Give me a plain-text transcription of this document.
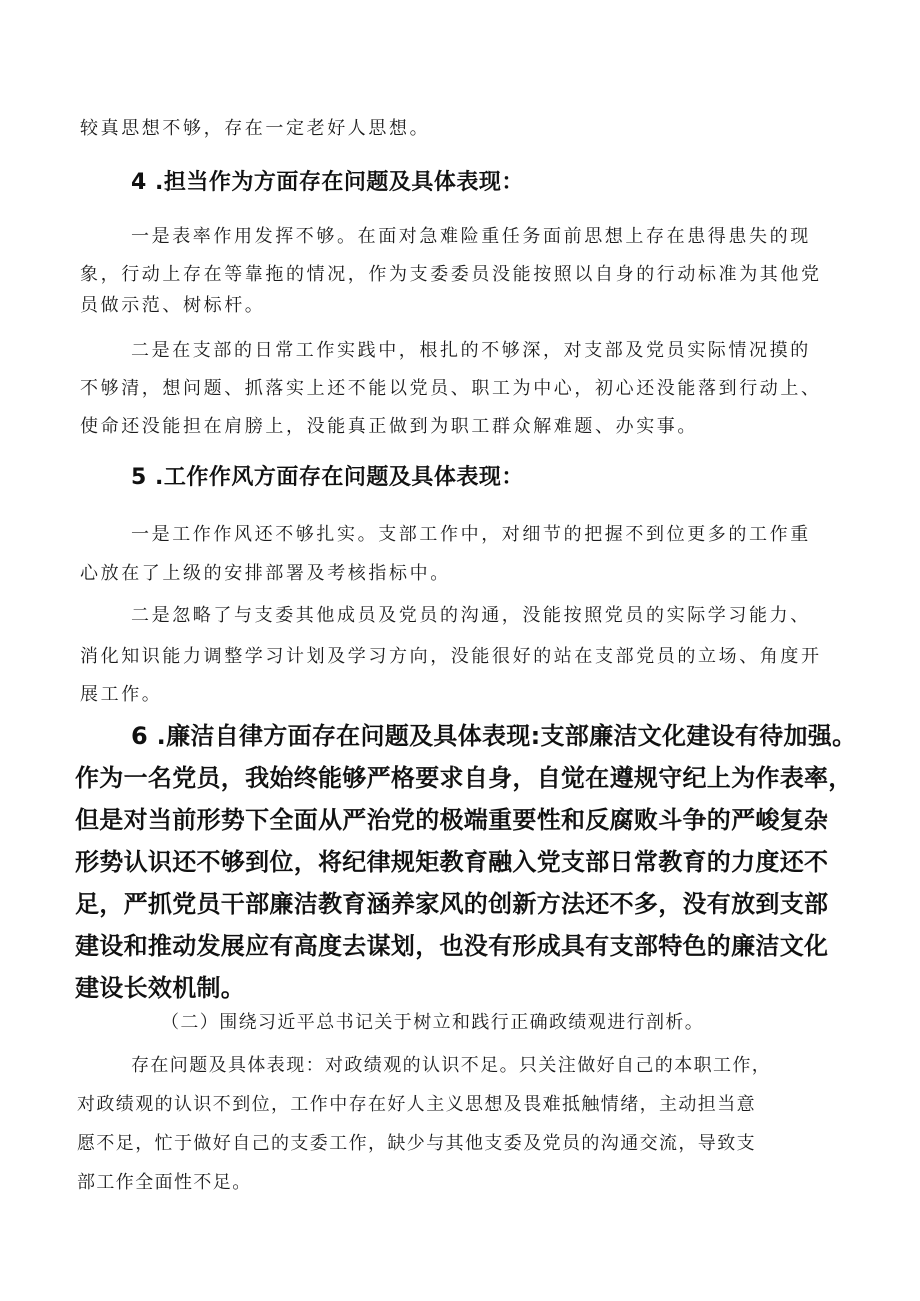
较真思想不够，存在一定老好人思想。
4 .担当作为方面存在问题及具体表现：
一是表率作用发挥不够。在面对急难险重任务面前思想上存在患得患失的现
象，行动上存在等靠拖的情况，作为支委委员没能按照以自身的行动标准为其他党
员做示范、树标杆。
二是在支部的日常工作实践中，根扎的不够深，对支部及党员实际情况摸的
不够清，想问题、抓落实上还不能以党员、职工为中心，初心还没能落到行动上、
使命还没能担在肩膀上，没能真正做到为职工群众解难题、办实事。
5 .工作作风方面存在问题及具体表现：
一是工作作风还不够扎实。支部工作中，对细节的把握不到位更多的工作重
心放在了上级的安排部署及考核指标中。
二是忽略了与支委其他成员及党员的沟通，没能按照党员的实际学习能力、
消化知识能力调整学习计划及学习方向，没能很好的站在支部党员的立场、角度开
展工作。
6 .廉洁自律方面存在问题及具体表现:支部廉洁文化建设有待加强。
作为一名党员，我始终能够严格要求自身，自觉在遵规守纪上为作表率，
但是对当前形势下全面从严治党的极端重要性和反腐败斗争的严峻复杂
形势认识还不够到位，将纪律规矩教育融入党支部日常教育的力度还不
足，严抓党员干部廉洁教育涵养家风的创新方法还不多，没有放到支部
建设和推动发展应有高度去谋划，也没有形成具有支部特色的廉洁文化
建设长效机制。
（二）围绕习近平总书记关于树立和践行正确政绩观进行剖析。
存在问题及具体表现：对政绩观的认识不足。只关注做好自己的本职工作，
对政绩观的认识不到位，工作中存在好人主义思想及畏难抵触情绪，主动担当意
愿不足，忙于做好自己的支委工作，缺少与其他支委及党员的沟通交流，导致支
部工作全面性不足。
